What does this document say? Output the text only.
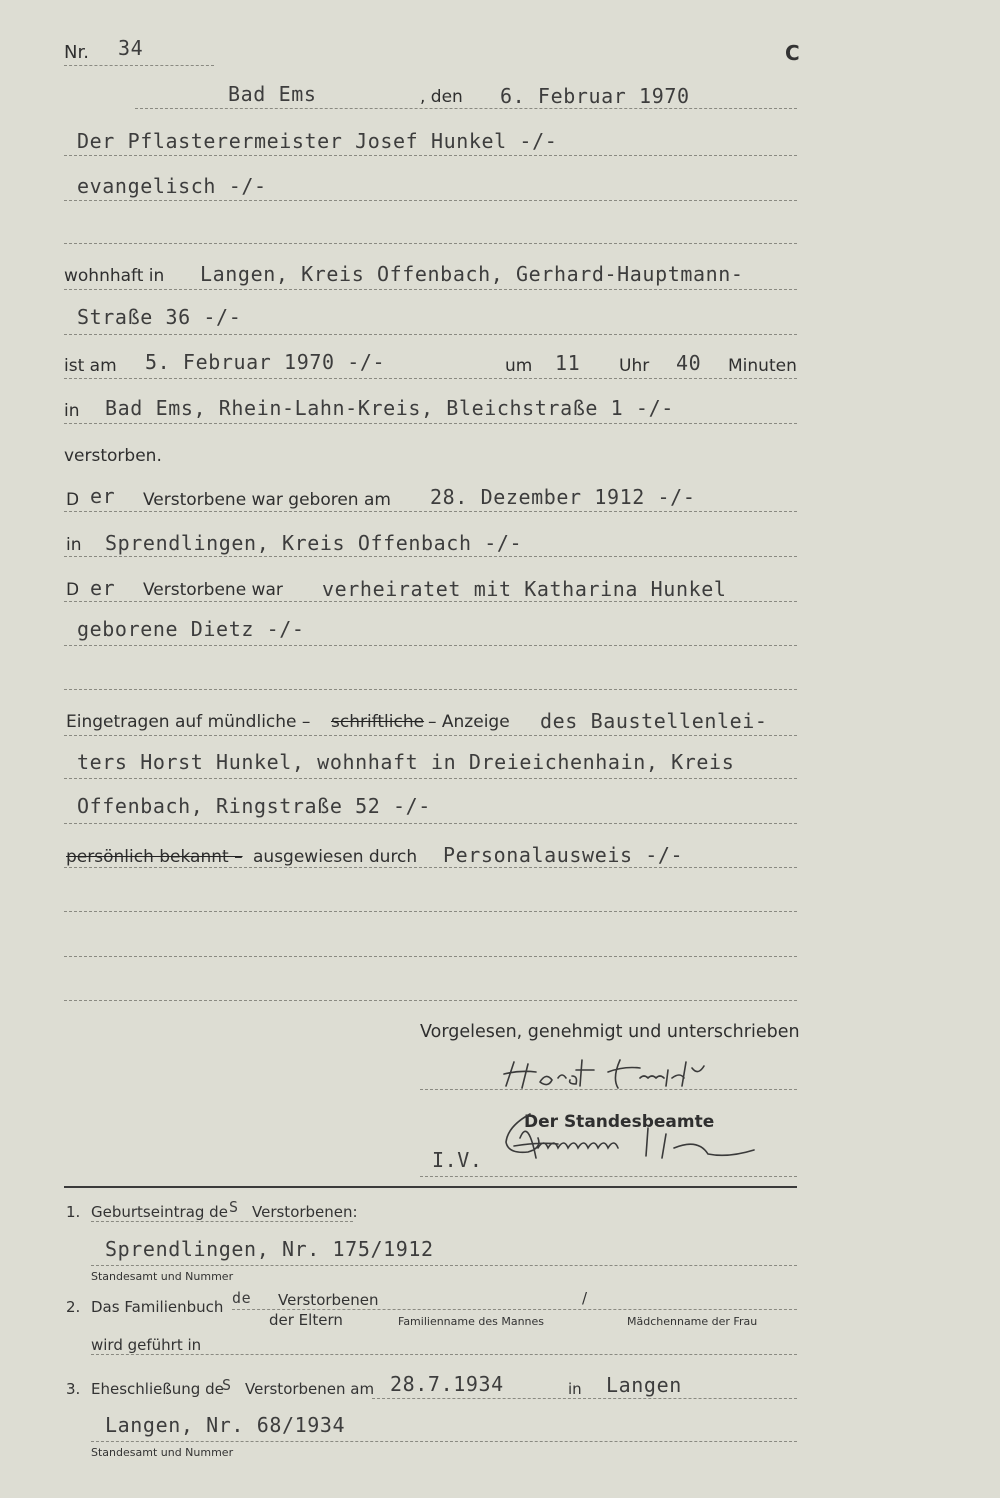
Nr. 34	C
Bad Ems	, den 6. Februar 1970
Der Pflasterermeister Josef Hunkel -/-
evangelisch -/-
wohnhaft in Langen, Kreis Offenbach, Gerhard-Hauptmann-
Straße 36 -/-
ist am 5. Februar 1970 -/-	um 11 Uhr 40 Minuten
in Bad Ems, Rhein-Lahn-Kreis, Bleichstraße 1 -/-
verstorben.
D er Verstorbene war geboren am 28. Dezember 1912 -/-
in Sprendlingen, Kreis Offenbach -/-
D er Verstorbene war verheiratet mit Katharina Hunkel
geborene Dietz -/-
Eingetragen auf mündliche – schriftliche – Anzeige des Baustellenlei-
ters Horst Hunkel, wohnhaft in Dreieichenhain, Kreis
Offenbach, Ringstraße 52 -/-
persönlich bekannt – ausgewiesen durch Personalausweis -/-
Vorgelesen, genehmigt und unterschrieben
Der Standesbeamte
I.V.
1. Geburtseintrag de S Verstorbenen:
Sprendlingen, Nr. 175/1912
Standesamt und Nummer
2. Das Familienbuch de Verstorbenen	/
der Eltern	Familienname des Mannes	Mädchenname der Frau
wird geführt in
3. Eheschließung de
S Verstorbenen am 28.7.1934	in Langen
Langen, Nr. 68/1934
Standesamt und Nummer
